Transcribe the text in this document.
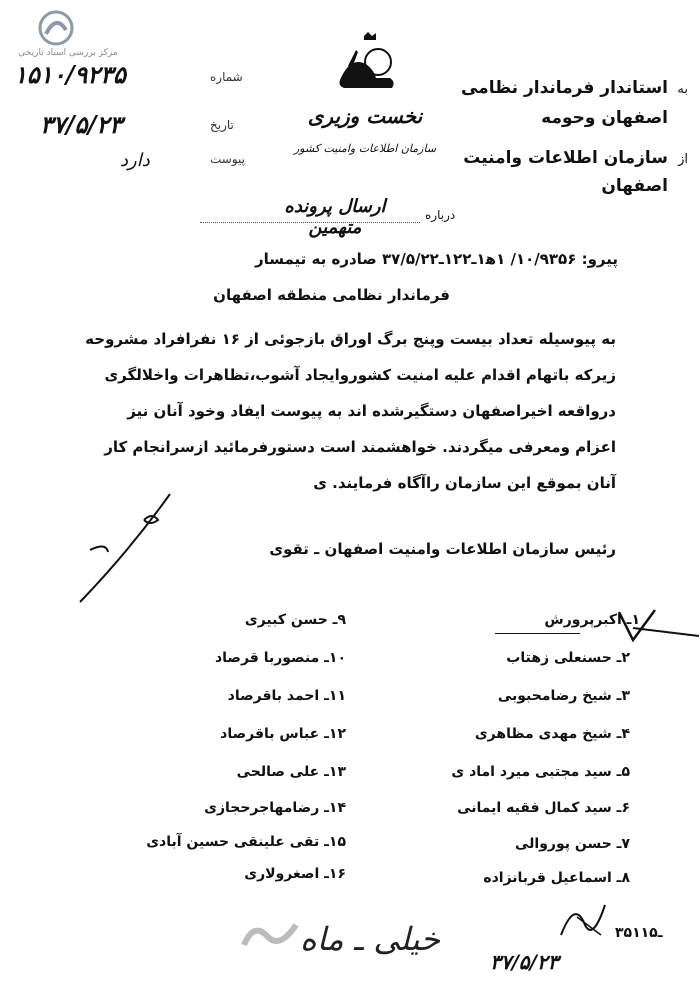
مرکز بررسی اسناد تاریخی
۱۵۱۰/۹۲۳۵	شماره
۳۷/۵/۲۳	تاریخ
دارد	پیوست
نخست وزیری
سازمان اطلاعات وامنیت کشور
به
استاندار فرماندار نظامی
اصفهان وحومه
از
سازمان اطلاعات وامنیت
اصفهان
ارسال پرونده متهمین
درباره
پیرو: ۱۰/۹۳۵۶/ ۱ه‍۱ـ۱۲۲ـ۳۷/۵/۲۲ صادره به تیمسار
فرماندار نظامی منطقه اصفهان
به پیوسیله تعداد بیست وپنج برگ اوراق بازجوئی از ۱۶ نفرافراد مشروحه
زیرکه باتهام اقدام علیه امنیت کشوروایجاد آشوب،تظاهرات واخلالگری
درواقعه اخیراصفهان دستگیرشده اند به پیوست ایفاد وخود آنان نیز
اعزام ومعرفی میگردند. خواهشمند است دستورفرمائید ازسرانجام کار
آنان بموقع این سازمان راآگاه فرمایند. ی
رئیس سازمان اطلاعات وامنیت اصفهان ـ تقوی
۱ـ اکبرپرورش
۲ـ حسنعلی زهتاب
۳ـ شیخ رضامحبوبی
۴ـ شیخ مهدی مظاهری
۵ـ سید مجتبی میرد اماد ی
۶ـ سید کمال فقیه ایمانی
۷ـ حسن پوروالی
۸ـ اسماعیل قربانزاده
۹ـ حسن کبیری
۱۰ـ منصوربا قرصاد
۱۱ـ احمد باقرصاد
۱۲ـ عباس باقرصاد
۱۳ـ علی صالحی
۱۴ـ رضامهاجرحجازی
۱۵ـ تقی علینقی حسین آبادی
۱۶ـ اصغرولاری
خیلی ـ ماه
۳۷/۵/۲۳
۳۵ـ۱۱۵
